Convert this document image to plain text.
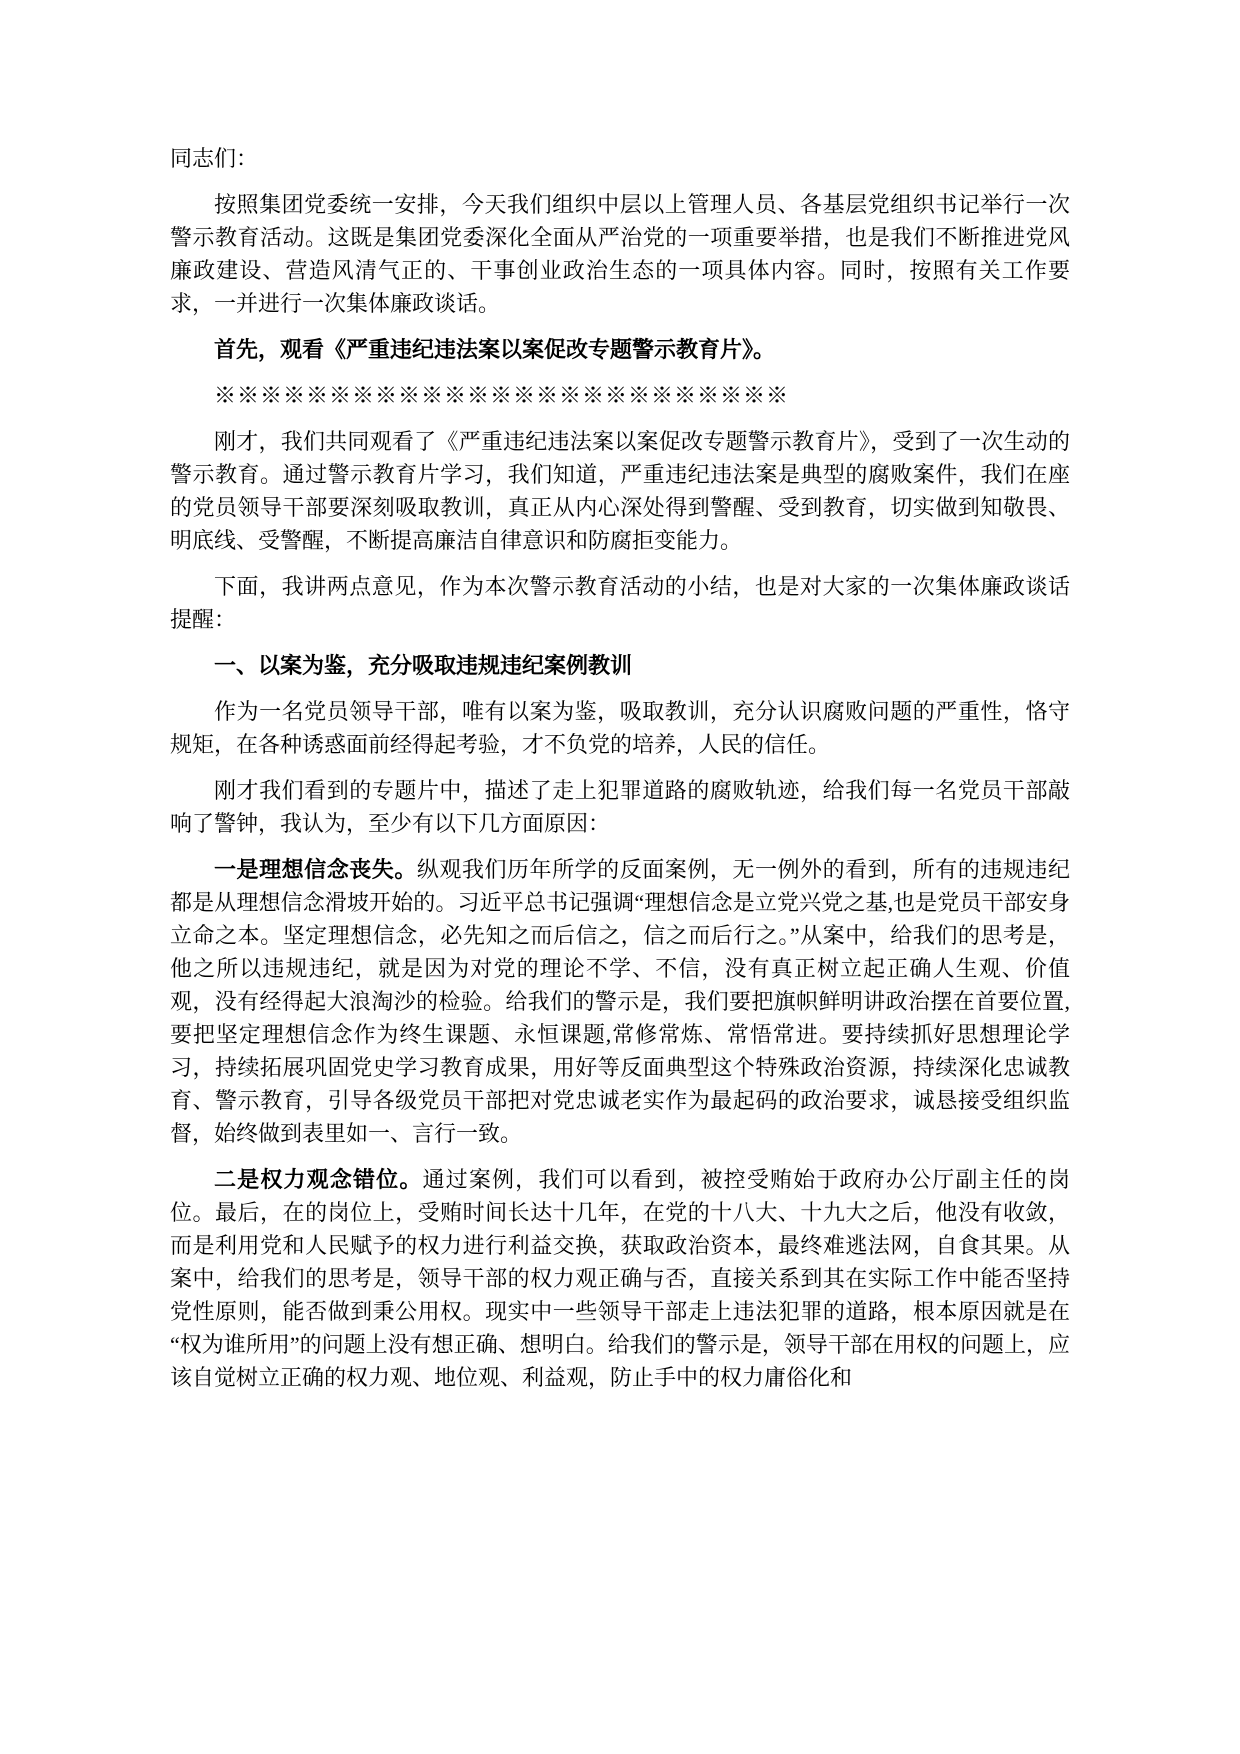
同志们：

按照集团党委统一安排，今天我们组织中层以上管理人员、各基层党组织书记举行一次警示教育活动。这既是集团党委深化全面从严治党的一项重要举措，也是我们不断推进党风廉政建设、营造风清气正的、干事创业政治生态的一项具体内容。同时，按照有关工作要求，一并进行一次集体廉政谈话。

首先，观看《严重违纪违法案以案促改专题警示教育片》。

※※※※※※※※※※※※※※※※※※※※※※※※※

刚才，我们共同观看了《严重违纪违法案以案促改专题警示教育片》，受到了一次生动的警示教育。通过警示教育片学习，我们知道，严重违纪违法案是典型的腐败案件，我们在座的党员领导干部要深刻吸取教训，真正从内心深处得到警醒、受到教育，切实做到知敬畏、明底线、受警醒，不断提高廉洁自律意识和防腐拒变能力。

下面，我讲两点意见，作为本次警示教育活动的小结，也是对大家的一次集体廉政谈话提醒：

一、以案为鉴，充分吸取违规违纪案例教训

作为一名党员领导干部，唯有以案为鉴，吸取教训，充分认识腐败问题的严重性，恪守规矩，在各种诱惑面前经得起考验，才不负党的培养，人民的信任。

刚才我们看到的专题片中，描述了走上犯罪道路的腐败轨迹，给我们每一名党员干部敲响了警钟，我认为，至少有以下几方面原因：

一是理想信念丧失。纵观我们历年所学的反面案例，无一例外的看到，所有的违规违纪都是从理想信念滑坡开始的。习近平总书记强调“理想信念是立党兴党之基,也是党员干部安身立命之本。坚定理想信念，必先知之而后信之，信之而后行之。”从案中，给我们的思考是，他之所以违规违纪，就是因为对党的理论不学、不信，没有真正树立起正确人生观、价值观，没有经得起大浪淘沙的检验。给我们的警示是，我们要把旗帜鲜明讲政治摆在首要位置,要把坚定理想信念作为终生课题、永恒课题,常修常炼、常悟常进。要持续抓好思想理论学习，持续拓展巩固党史学习教育成果，用好等反面典型这个特殊政治资源，持续深化忠诚教育、警示教育，引导各级党员干部把对党忠诚老实作为最起码的政治要求，诚恳接受组织监督，始终做到表里如一、言行一致。

二是权力观念错位。通过案例，我们可以看到，被控受贿始于政府办公厅副主任的岗位。最后，在的岗位上，受贿时间长达十几年，在党的十八大、十九大之后，他没有收敛，而是利用党和人民赋予的权力进行利益交换，获取政治资本，最终难逃法网，自食其果。从案中，给我们的思考是，领导干部的权力观正确与否，直接关系到其在实际工作中能否坚持党性原则，能否做到秉公用权。现实中一些领导干部走上违法犯罪的道路，根本原因就是在“权为谁所用”的问题上没有想正确、想明白。给我们的警示是，领导干部在用权的问题上，应该自觉树立正确的权力观、地位观、利益观，防止手中的权力庸俗化和
